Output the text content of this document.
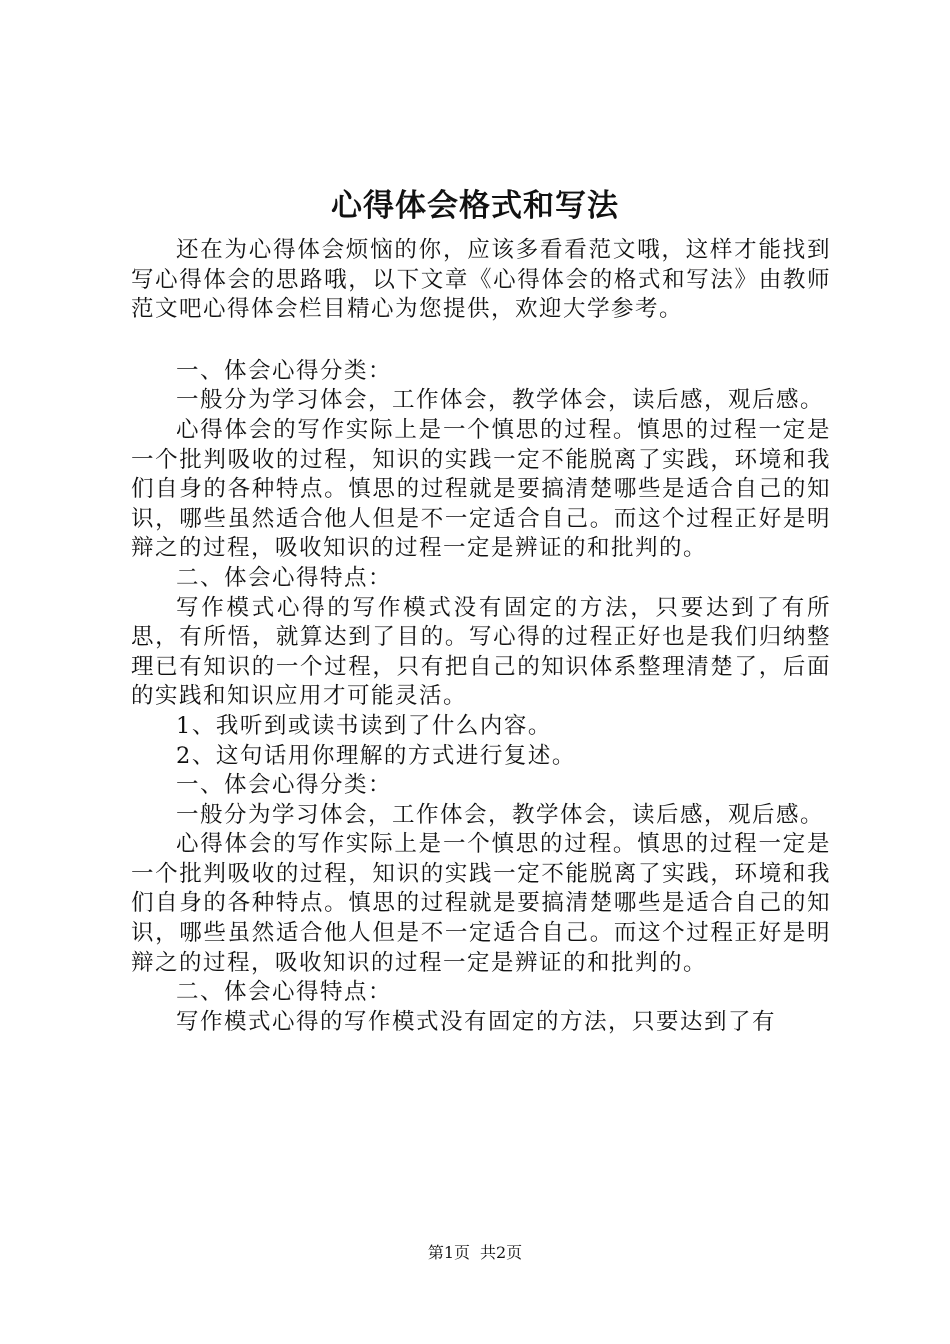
心得体会格式和写法

还在为心得体会烦恼的你，应该多看看范文哦，这样才能找到写心得体会的思路哦，以下文章《心得体会的格式和写法》由教师范文吧心得体会栏目精心为您提供，欢迎大学参考。

一、体会心得分类：

一般分为学习体会，工作体会，教学体会，读后感，观后感。

心得体会的写作实际上是一个慎思的过程。慎思的过程一定是一个批判吸收的过程，知识的实践一定不能脱离了实践，环境和我们自身的各种特点。慎思的过程就是要搞清楚哪些是适合自己的知识，哪些虽然适合他人但是不一定适合自己。而这个过程正好是明辩之的过程，吸收知识的过程一定是辨证的和批判的。

二、体会心得特点：

写作模式心得的写作模式没有固定的方法，只要达到了有所思，有所悟，就算达到了目的。写心得的过程正好也是我们归纳整理已有知识的一个过程，只有把自己的知识体系整理清楚了，后面的实践和知识应用才可能灵活。

1、我听到或读书读到了什么内容。

2、这句话用你理解的方式进行复述。

一、体会心得分类：

一般分为学习体会，工作体会，教学体会，读后感，观后感。

心得体会的写作实际上是一个慎思的过程。慎思的过程一定是一个批判吸收的过程，知识的实践一定不能脱离了实践，环境和我们自身的各种特点。慎思的过程就是要搞清楚哪些是适合自己的知识，哪些虽然适合他人但是不一定适合自己。而这个过程正好是明辩之的过程，吸收知识的过程一定是辨证的和批判的。

二、体会心得特点：

写作模式心得的写作模式没有固定的方法，只要达到了有

第1页 共2页
